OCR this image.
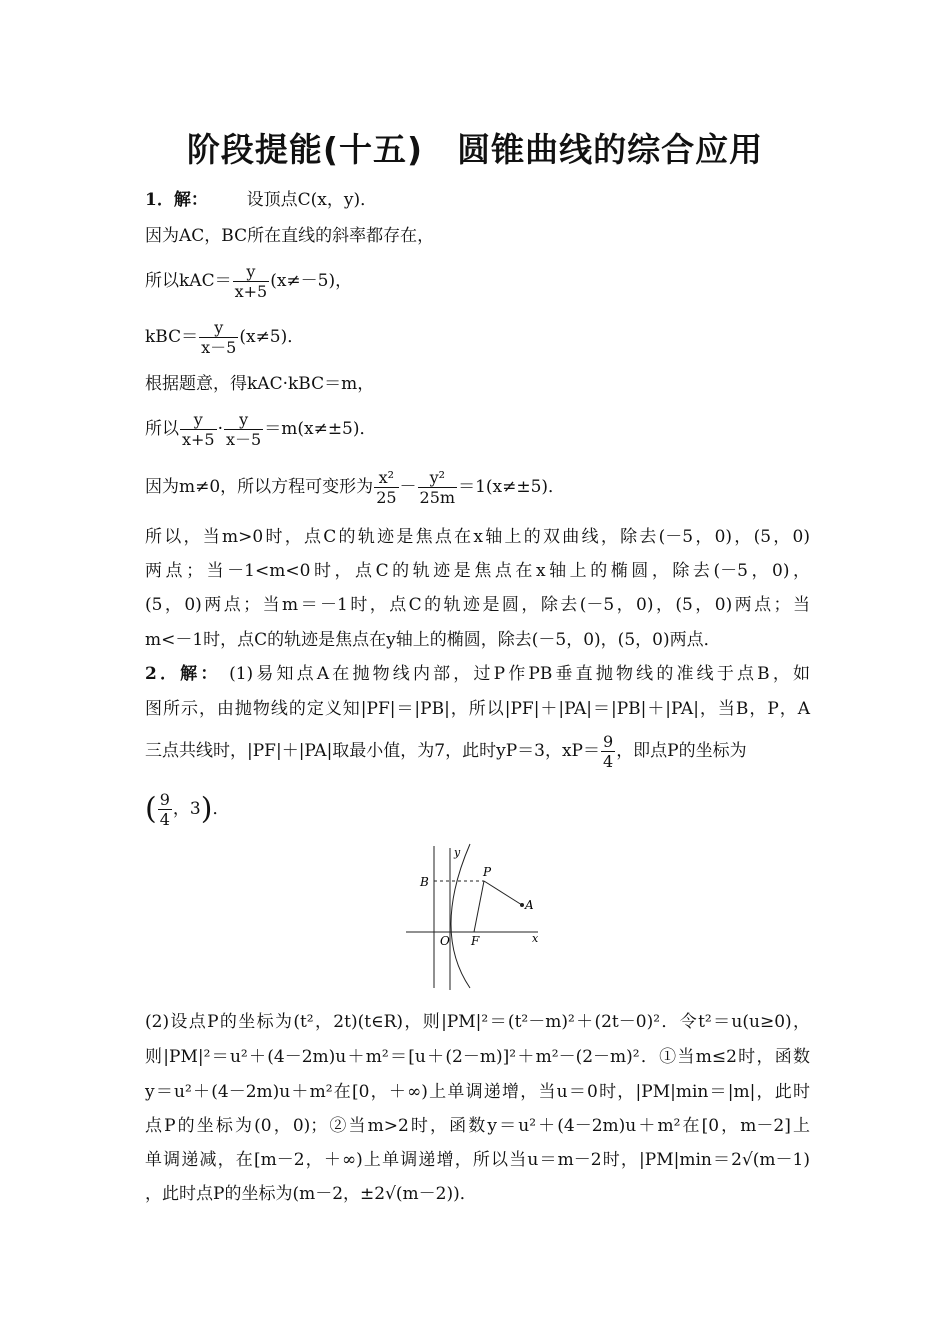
阶段提能(十五)　圆锥曲线的综合应用
1．解： 设顶点C(x，y)．
因为AC，BC所在直线的斜率都存在，
所以$kAC= \frac{y}{x+5} (x\ne-5)$，
$kBC= \frac{y}{x-5} (x\ne 5)$．
根据题意，得kAC·kBC＝m，
所以 $\frac{y}{x+5} \cdot \frac{y}{x-5} =m(x\ne\pm 5)$．
因为m≠0，所以方程可变形为 $\frac{\text{x²}}{25} - \frac{\text{y²}}{25m} =1(x\ne\pm 5)$．
所以，当m>0时，点C的轨迹是焦点在x轴上的双曲线，除去(－5，0)，(5，0)
两点；当－1<m<0时，点C的轨迹是焦点在x轴上的椭圆，除去(－5，0)，
(5，0)两点；当m＝－1时，点C的轨迹是圆，除去(－5，0)，(5，0)两点；当
m<－1时，点C的轨迹是焦点在y轴上的椭圆，除去(－5，0)，(5，0)两点．
2．解： (1)易知点A在抛物线内部，过P作PB垂直抛物线的准线于点B，如
图所示，由抛物线的定义知|PF|＝|PB|，所以|PF|＋|PA|＝|PB|＋|PA|，当B，P，A
三点共线时，|PF|＋|PA|取最小值，为7，此时yP＝3，$xP= \frac{9}{4}$ ，即点P的坐标为
( $\frac{9}{4}$ ，3)．
y
x
B
P
A
O F
(2)设点P的坐标为(t²，2t)(t∈R)，则|PM|²＝(t²－m)²＋(2t－0)²．令t²＝u(u≥0)，
则|PM|²＝u²＋(4－2m)u＋m²＝[u＋(2－m)]²＋m²－(2－m)²．①当m≤2时，函数
y＝u²＋(4－2m)u＋m²在[0，＋∞)上单调递增，当u＝0时，|PM|min＝|m|，此时
点P的坐标为(0，0)；②当m>2时，函数y＝u²＋(4－2m)u＋m²在[0，m－2]上
单调递减，在[m－2，＋∞)上单调递增，所以当u＝m－2时，|PM|min＝2√(m－1)
，此时点P的坐标为(m－2，±2√(m－2))．
